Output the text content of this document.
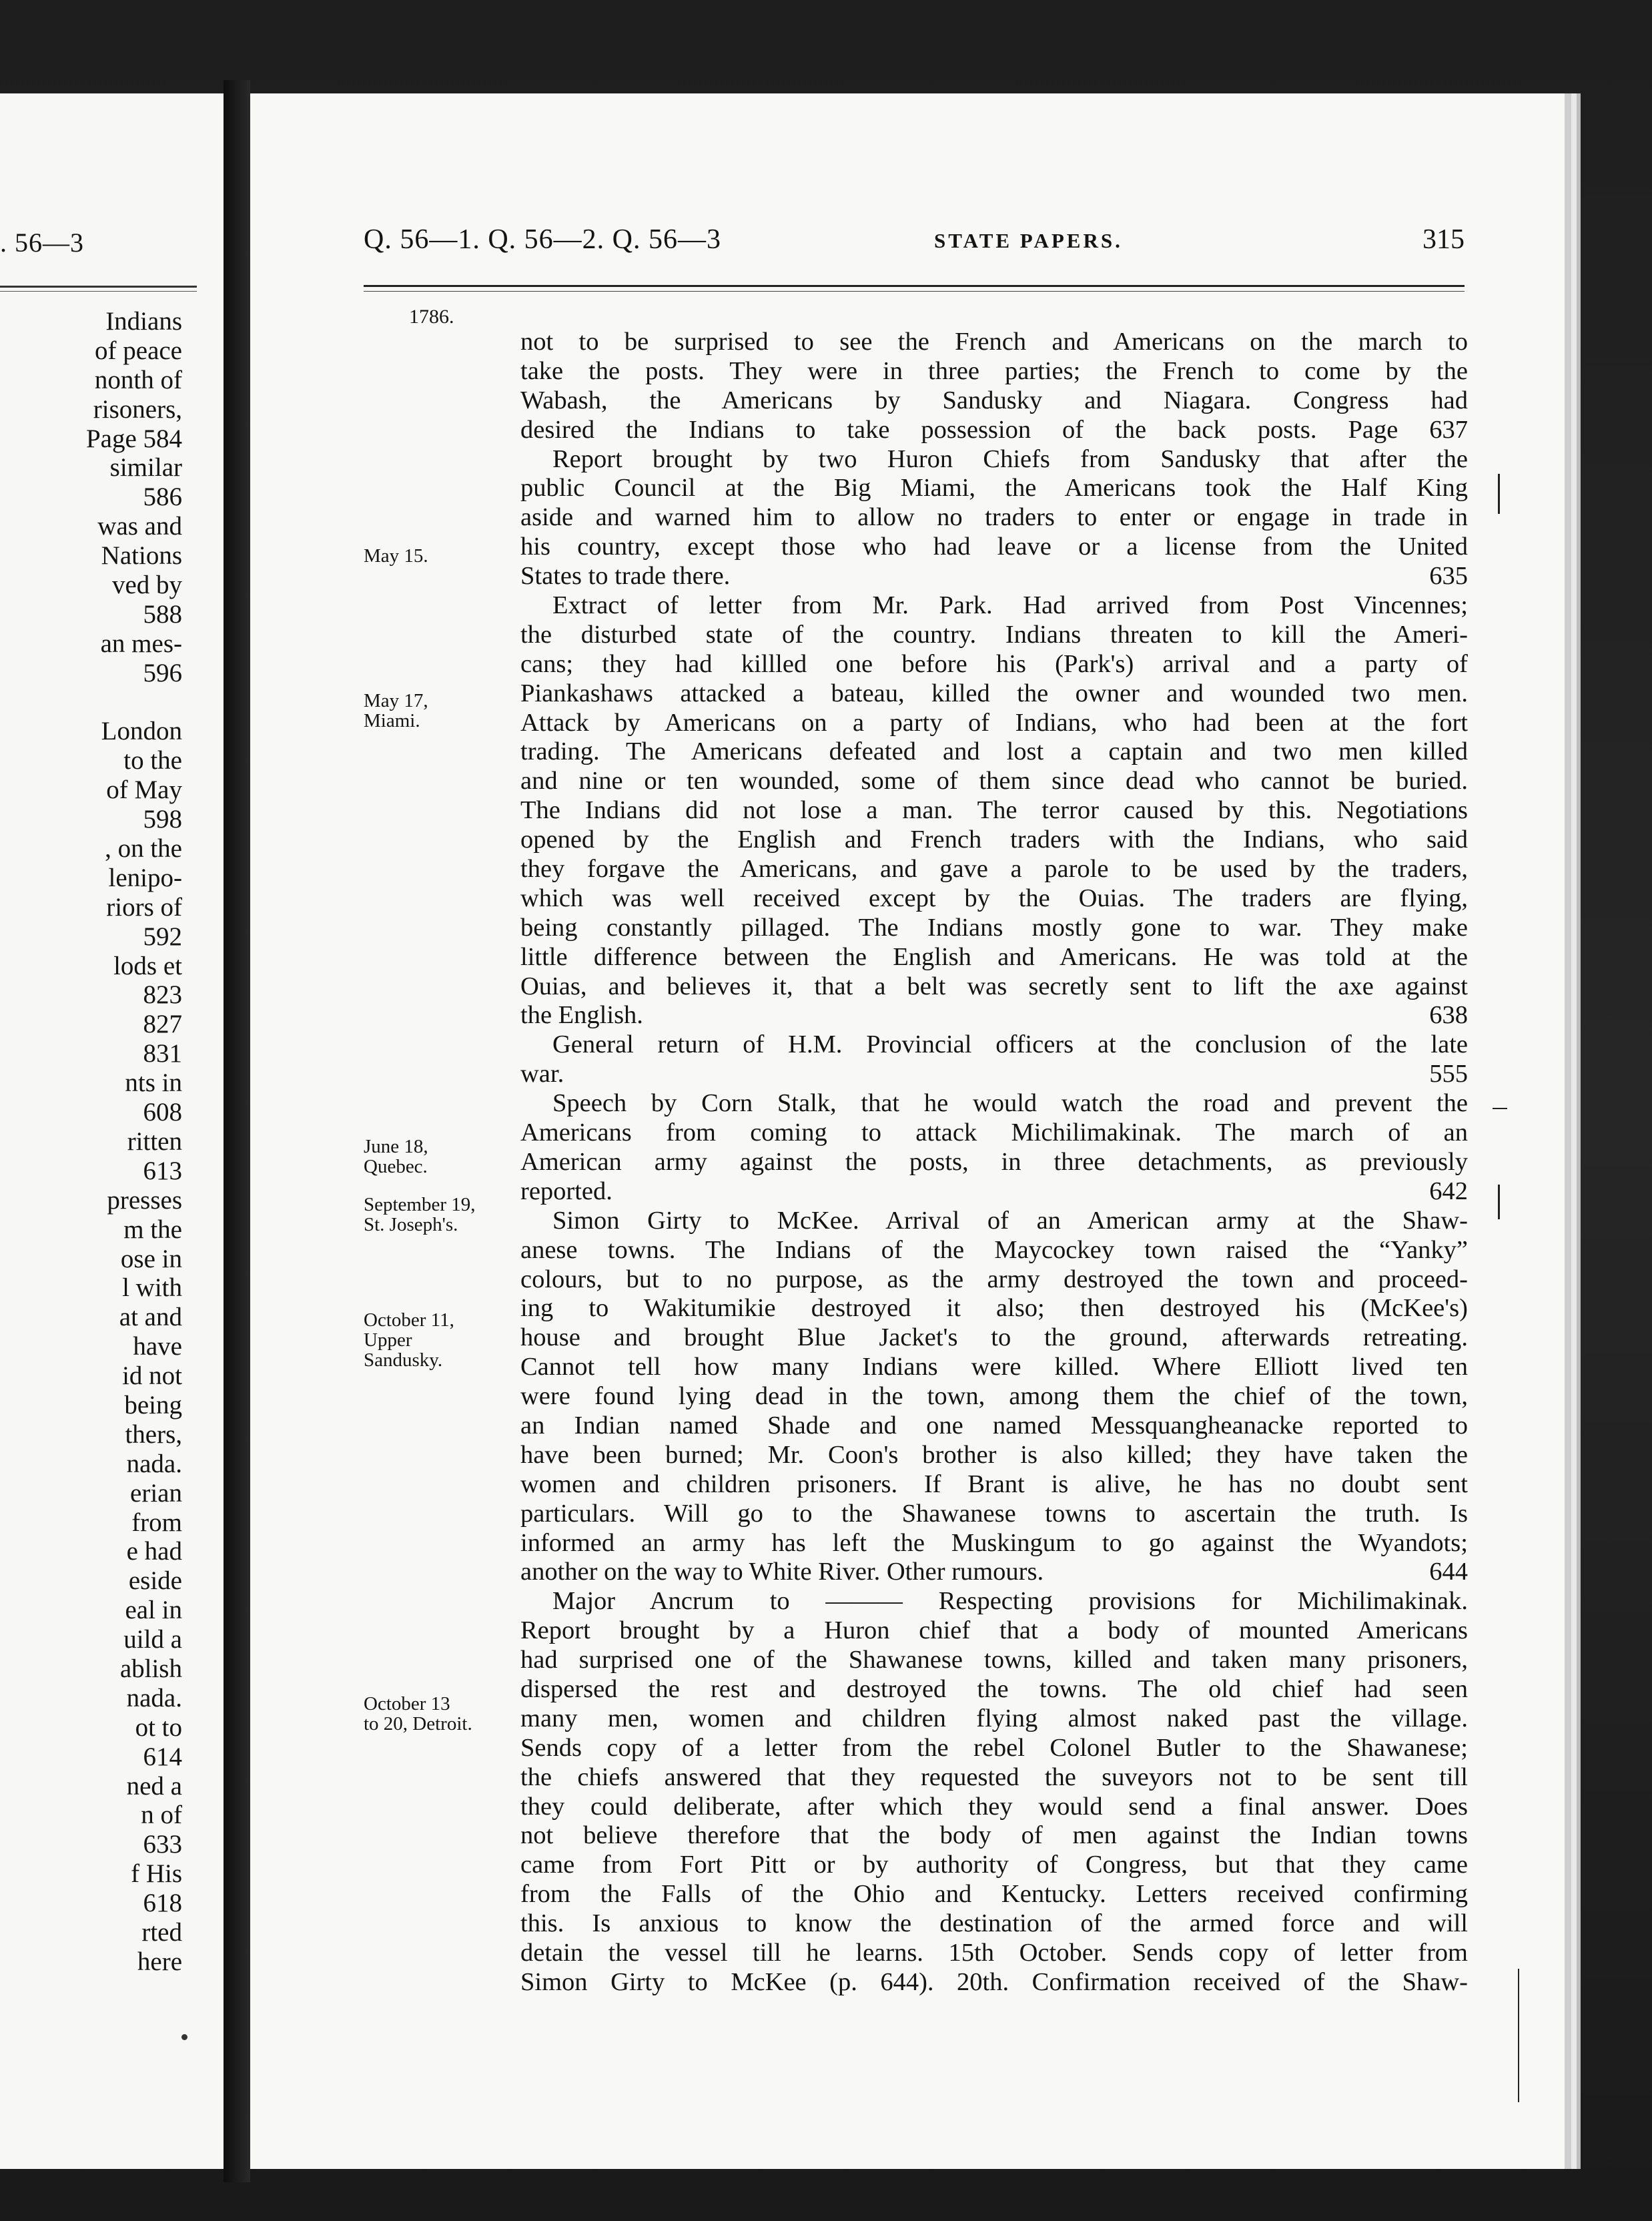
. 56—3
Indians
of peace
nonth of
risoners,
Page 584
similar
586
was and
Nations
ved by
588
an mes-
596
London
to the
of May
598
, on the
lenipo-
riors of
592
lods et
823
827
831
nts in
608
ritten
613
presses
m the
ose in
l with
at and
have
id not
being
thers,
nada.
erian
from
e had
eside
eal in
uild a
ablish
nada.
ot to
614
ned a
n of
633
f His
618
rted
here
Q. 56—1. Q. 56—2. Q. 56—3	STATE PAPERS.	315
1786.
May 15.
May 17,
Miami.
June 18,
Quebec.
September 19,
St. Joseph's.
October 11,
Upper
Sandusky.
October 13
to 20, Detroit.
not to be surprised to see the French and Americans on the march to
take the posts. They were in three parties; the French to come by the
Wabash, the Americans by Sandusky and Niagara. Congress had
desired the Indians to take possession of the back posts. Page 637
Report brought by two Huron Chiefs from Sandusky that after the
public Council at the Big Miami, the Americans took the Half King
aside and warned him to allow no traders to enter or engage in trade in
his country, except those who had leave or a license from the United
States to trade there.	635
Extract of letter from Mr. Park. Had arrived from Post Vincennes;
the disturbed state of the country. Indians threaten to kill the Ameri-
cans; they had killled one before his (Park's) arrival and a party of
Piankashaws attacked a bateau, killed the owner and wounded two men.
Attack by Americans on a party of Indians, who had been at the fort
trading. The Americans defeated and lost a captain and two men killed
and nine or ten wounded, some of them since dead who cannot be buried.
The Indians did not lose a man. The terror caused by this. Negotiations
opened by the English and French traders with the Indians, who said
they forgave the Americans, and gave a parole to be used by the traders,
which was well received except by the Ouias. The traders are flying,
being constantly pillaged. The Indians mostly gone to war. They make
little difference between the English and Americans. He was told at the
Ouias, and believes it, that a belt was secretly sent to lift the axe against
the English.	638
General return of H.M. Provincial officers at the conclusion of the late
war.	555
Speech by Corn Stalk, that he would watch the road and prevent the
Americans from coming to attack Michilimakinak. The march of an
American army against the posts, in three detachments, as previously
reported.	642
Simon Girty to McKee. Arrival of an American army at the Shaw-
anese towns. The Indians of the Maycockey town raised the “Yanky”
colours, but to no purpose, as the army destroyed the town and proceed-
ing to Wakitumikie destroyed it also; then destroyed his (McKee's)
house and brought Blue Jacket's to the ground, afterwards retreating.
Cannot tell how many Indians were killed. Where Elliott lived ten
were found lying dead in the town, among them the chief of the town,
an Indian named Shade and one named Messquangheanacke reported to
have been burned; Mr. Coon's brother is also killed; they have taken the
women and children prisoners. If Brant is alive, he has no doubt sent
particulars. Will go to the Shawanese towns to ascertain the truth. Is
informed an army has left the Muskingum to go against the Wyandots;
another on the way to White River. Other rumours.	644
Major Ancrum to ——— Respecting provisions for Michilimakinak.
Report brought by a Huron chief that a body of mounted Americans
had surprised one of the Shawanese towns, killed and taken many prisoners,
dispersed the rest and destroyed the towns. The old chief had seen
many men, women and children flying almost naked past the village.
Sends copy of a letter from the rebel Colonel Butler to the Shawanese;
the chiefs answered that they requested the suveyors not to be sent till
they could deliberate, after which they would send a final answer. Does
not believe therefore that the body of men against the Indian towns
came from Fort Pitt or by authority of Congress, but that they came
from the Falls of the Ohio and Kentucky. Letters received confirming
this. Is anxious to know the destination of the armed force and will
detain the vessel till he learns. 15th October. Sends copy of letter from
Simon Girty to McKee (p. 644). 20th. Confirmation received of the Shaw-
